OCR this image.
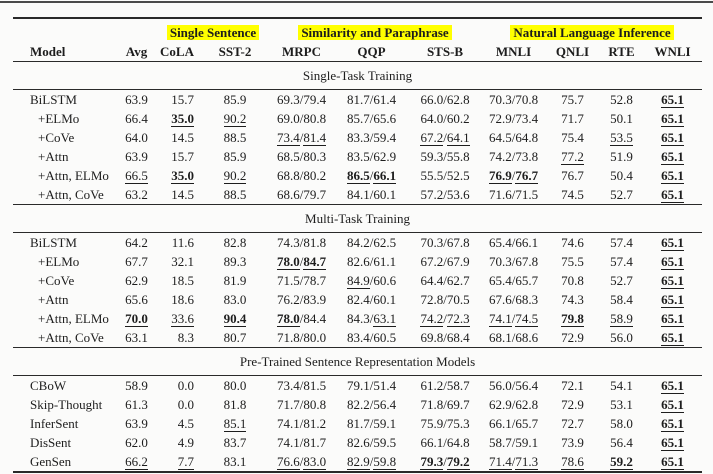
		Single Sentence		Similarity and Paraphrase			Natural Language Inference			
Model	Avg	CoLA	SST-2	MRPC	QQP	STS-B	MNLI	QNLI	RTE	WNLI
Single-Task Training										
BiLSTM	63.9	15.7	85.9	69.3/79.4	81.7/61.4	66.0/62.8	70.3/70.8	75.7	52.8	65.1
+ELMo	66.4	35.0	90.2	69.0/80.8	85.7/65.6	64.0/60.2	72.9/73.4	71.7	50.1	65.1
+CoVe	64.0	14.5	88.5	73.4/81.4	83.3/59.4	67.2/64.1	64.5/64.8	75.4	53.5	65.1
+Attn	63.9	15.7	85.9	68.5/80.3	83.5/62.9	59.3/55.8	74.2/73.8	77.2	51.9	65.1
+Attn, ELMo	66.5	35.0	90.2	68.8/80.2	86.5/66.1	55.5/52.5	76.9/76.7	76.7	50.4	65.1
+Attn, CoVe	63.2	14.5	88.5	68.6/79.7	84.1/60.1	57.2/53.6	71.6/71.5	74.5	52.7	65.1
Multi-Task Training										
BiLSTM	64.2	11.6	82.8	74.3/81.8	84.2/62.5	70.3/67.8	65.4/66.1	74.6	57.4	65.1
+ELMo	67.7	32.1	89.3	78.0/84.7	82.6/61.1	67.2/67.9	70.3/67.8	75.5	57.4	65.1
+CoVe	62.9	18.5	81.9	71.5/78.7	84.9/60.6	64.4/62.7	65.4/65.7	70.8	52.7	65.1
+Attn	65.6	18.6	83.0	76.2/83.9	82.4/60.1	72.8/70.5	67.6/68.3	74.3	58.4	65.1
+Attn, ELMo	70.0	33.6	90.4	78.0/84.4	84.3/63.1	74.2/72.3	74.1/74.5	79.8	58.9	65.1
+Attn, CoVe	63.1	8.3	80.7	71.8/80.0	83.4/60.5	69.8/68.4	68.1/68.6	72.9	56.0	65.1
Pre-Trained Sentence Representation Models										
CBoW	58.9	0.0	80.0	73.4/81.5	79.1/51.4	61.2/58.7	56.0/56.4	72.1	54.1	65.1
Skip-Thought	61.3	0.0	81.8	71.7/80.8	82.2/56.4	71.8/69.7	62.9/62.8	72.9	53.1	65.1
InferSent	63.9	4.5	85.1	74.1/81.2	81.7/59.1	75.9/75.3	66.1/65.7	72.7	58.0	65.1
DisSent	62.0	4.9	83.7	74.1/81.7	82.6/59.5	66.1/64.8	58.7/59.1	73.9	56.4	65.1
GenSen	66.2	7.7	83.1	76.6/83.0	82.9/59.8	79.3/79.2	71.4/71.3	78.6	59.2	65.1
